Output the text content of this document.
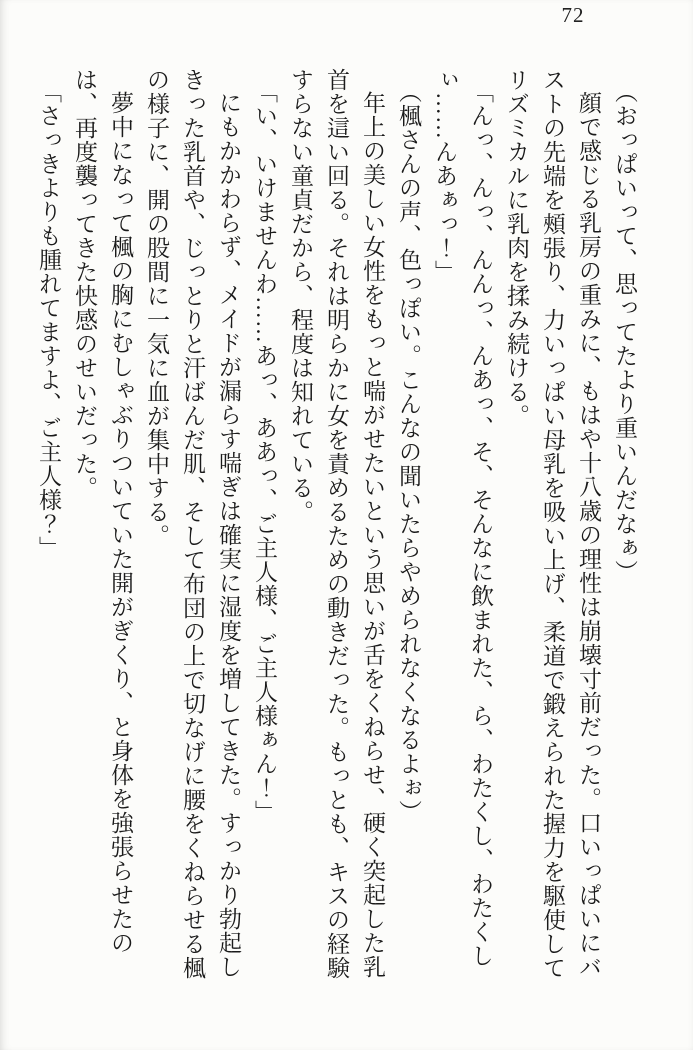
72

（おっぱいって、思ってたより重いんだなぁ）

顔で感じる乳房の重みに、もはや十八歳の理性は崩壊寸前だった。口いっぱいにバストの先端を頰張り、力いっぱい母乳を吸い上げ、柔道で鍛えられた握力を駆使してリズミカルに乳肉を揉み続ける。

「んっ、んっ、んんっ、んあっ、そ、そんなに飲まれた、ら、わたくし、わたくしぃ……んあぁっ！」

（楓さんの声、色っぽい。こんなの聞いたらやめられなくなるよぉ）

年上の美しい女性をもっと喘がせたいという思いが舌をくねらせ、硬く突起した乳首を這い回る。それは明らかに女を責めるための動きだった。もっとも、キスの経験すらない童貞だから、程度は知れている。

「い、いけませんわ……あっ、ああっ、ご主人様、ご主人様ぁん！」

にもかかわらず、メイドが漏らす喘ぎは確実に湿度を増してきた。すっかり勃起しきった乳首や、じっとりと汗ばんだ肌、そして布団の上で切なげに腰をくねらせる楓の様子に、開の股間に一気に血が集中する。

夢中になって楓の胸にむしゃぶりついていた開がぎくり、と身体を強張らせたのは、再度襲ってきた快感のせいだった。

「さっきよりも腫れてますよ、ご主人様？」
